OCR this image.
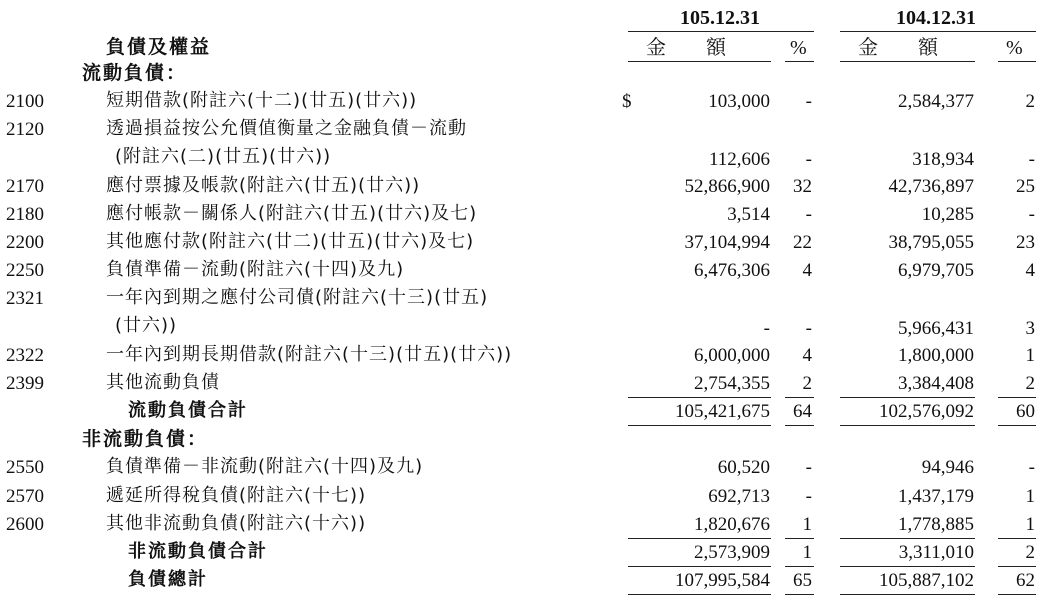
105.12.31	104.12.31
金　　額	%	金　　額	%
負債及權益
流動負債：
2100	短期借款(附註六(十二)(廿五)(廿六))	$	103,000 -	2,584,377	2
2120	透過損益按公允價值衡量之金融負債－流動
(附註六(二)(廿五)(廿六))	112,606 -	318,934	-
2170	應付票據及帳款(附註六(廿五)(廿六))	52,866,900 32	42,736,897 25
2180	應付帳款－關係人(附註六(廿五)(廿六)及七)	3,514 -	10,285	-
2200	其他應付款(附註六(廿二)(廿五)(廿六)及七)	37,104,994 22	38,795,055 23
2250	負債準備－流動(附註六(十四)及九)	6,476,306 4	6,979,705	4
2321	一年內到期之應付公司債(附註六(十三)(廿五)
(廿六))	- -	5,966,431	3
2322	一年內到期長期借款(附註六(十三)(廿五)(廿六))	6,000,000 4	1,800,000	1
2399	其他流動負債	2,754,355 2	3,384,408	2
流動負債合計	105,421,675 64	102,576,092 60
非流動負債：
2550	負債準備－非流動(附註六(十四)及九)	60,520 -	94,946	-
2570	遞延所得稅負債(附註六(十七))	692,713 -	1,437,179	1
2600	其他非流動負債(附註六(十六))	1,820,676 1	1,778,885	1
非流動負債合計	2,573,909 1	3,311,010	2
負債總計	107,995,584 65	105,887,102 62
